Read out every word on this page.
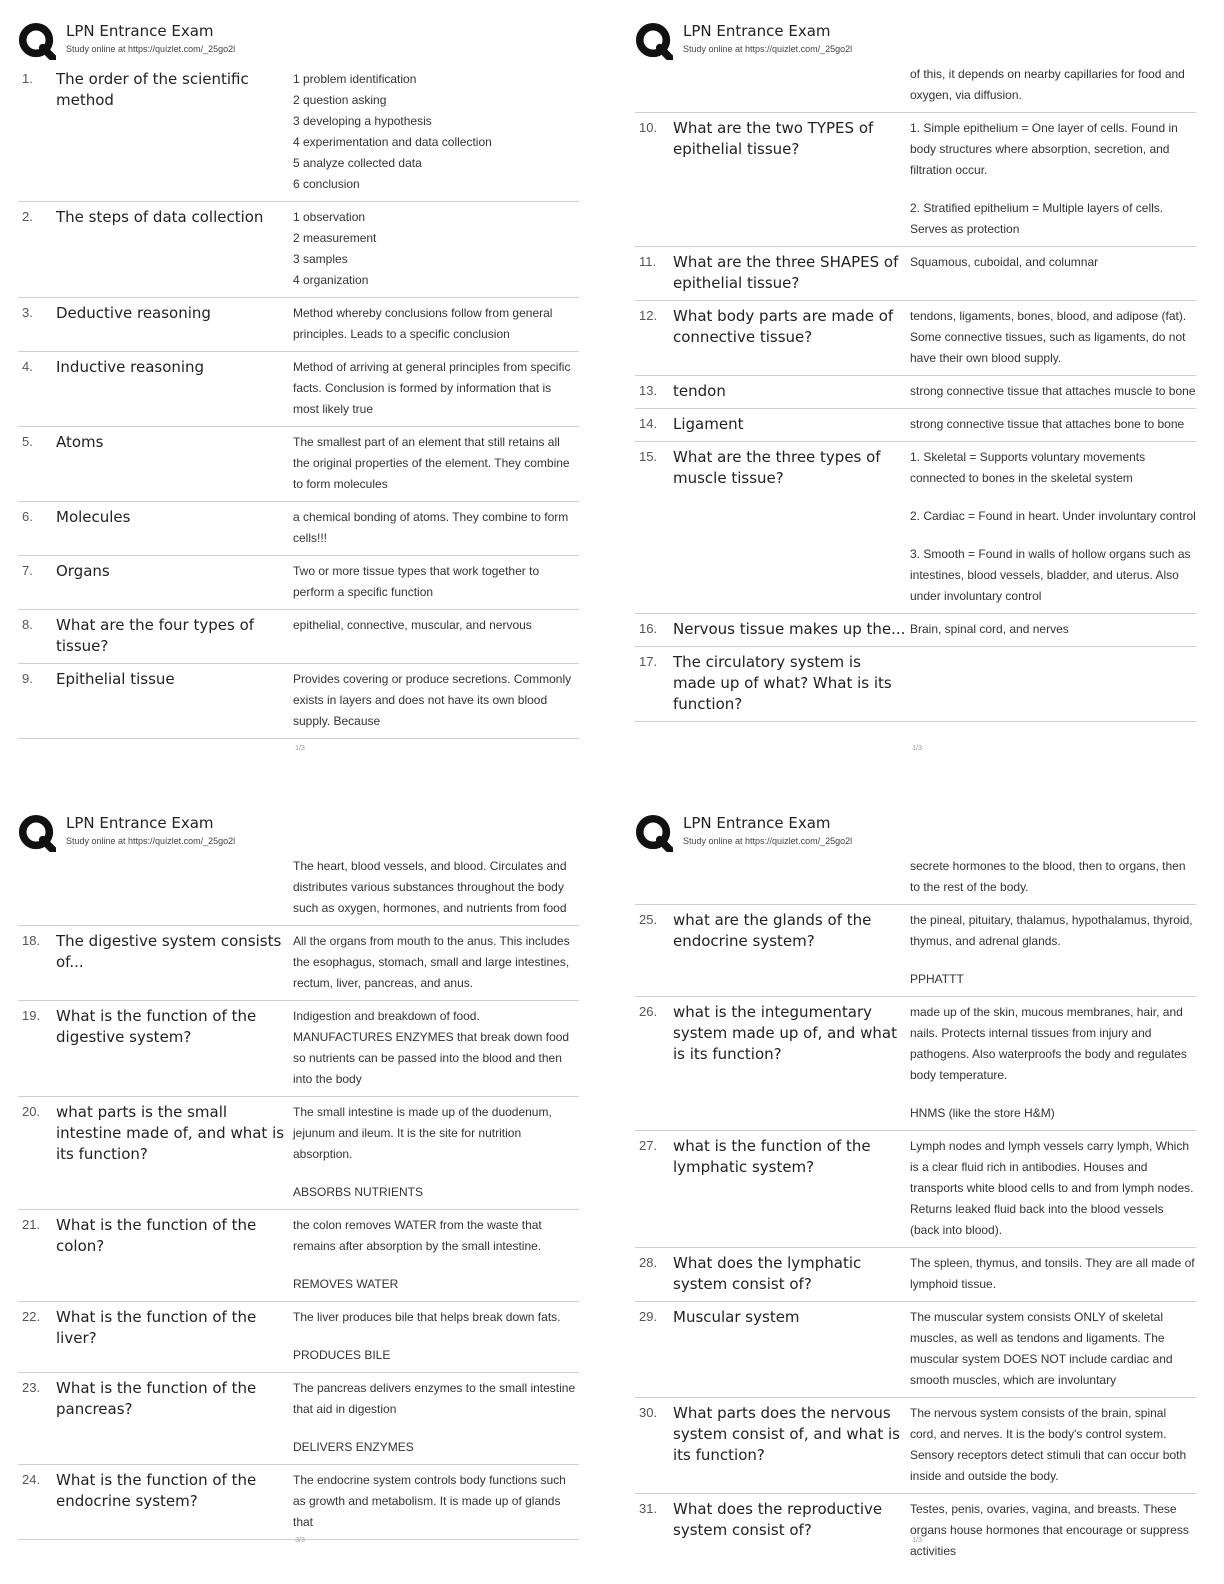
LPN Entrance Exam
Study online at https://quizlet.com/_25go2l
1.	The order of the scientific method
1 problem identification
2 question asking
3 developing a hypothesis
4 experimentation and data collection
5 analyze collected data
6 conclusion
2.	The steps of data collection	1 observation
2 measurement
3 samples
4 organization
3.	Deductive reasoning	Method whereby conclusions follow from general principles. Leads to a specific conclusion
4.	Inductive reasoning	Method of arriving at general principles from specific facts. Conclusion is formed by information that is most likely true
5.	Atoms	The smallest part of an element that still retains all the original properties of the element. They combine to form molecules
6.	Molecules	a chemical bonding of atoms. They combine to form cells!!!
7.	Organs	Two or more tissue types that work together to perform a specific function
8.	What are the four types of tissue?
epithelial, connective, muscular, and nervous
9.	Epithelial tissue	Provides covering or produce secretions. Commonly exists in layers and does not have its own blood supply. Because
1/3
LPN Entrance Exam
Study online at https://quizlet.com/_25go2l
of this, it depends on nearby capillaries for food and oxygen, via diffusion.
10.	What are the two TYPES of epithelial tissue?
1. Simple epithelium = One layer of cells. Found in body structures where absorption, secretion, and filtration occur.
2. Stratified epithelium = Multiple layers of cells. Serves as protection
11.	What are the three SHAPES of epithelial tissue?
Squamous, cuboidal, and columnar
12.	What body parts are made of connective tissue?
tendons, ligaments, bones, blood, and adipose (fat). Some connective tissues, such as ligaments, do not have their own blood supply.
13.	tendon	strong connective tissue that attaches muscle to bone
14.	Ligament	strong connective tissue that attaches bone to bone
15.	What are the three types of muscle tissue?
1. Skeletal = Supports voluntary movements connected to bones in the skeletal system
2. Cardiac = Found in heart. Under involuntary control
3. Smooth = Found in walls of hollow organs such as intestines, blood vessels, bladder, and uterus. Also under involuntary control
16.	Nervous tissue makes up the... Brain, spinal cord, and nerves
17.	The circulatory system is made up of what? What is its function?
1/3
LPN Entrance Exam
Study online at https://quizlet.com/_25go2l
The heart, blood vessels, and blood. Circulates and distributes various substances throughout the body such as oxygen, hormones, and nutrients from food
18.	The digestive system consists of...
All the organs from mouth to the anus. This includes the esophagus, stomach, small and large intestines, rectum, liver, pancreas, and anus.
19.	What is the function of the digestive system?
Indigestion and breakdown of food. MANUFACTURES ENZYMES that break down food so nutrients can be passed into the blood and then into the body
20.	what parts is the small intestine made of, and what is its function?
The small intestine is made up of the duodenum, jejunum and ileum. It is the site for nutrition absorption.
ABSORBS NUTRIENTS
21.	What is the function of the colon?
the colon removes WATER from the waste that remains after absorption by the small intestine.
REMOVES WATER
22.	What is the function of the liver?
The liver produces bile that helps break down fats.
PRODUCES BILE
23.	What is the function of the pancreas?
The pancreas delivers enzymes to the small intestine that aid in digestion
DELIVERS ENZYMES
24.	What is the function of the endocrine system?
The endocrine system controls body functions such as growth and metabolism. It is made up of glands that
3/3
LPN Entrance Exam
Study online at https://quizlet.com/_25go2l
secrete hormones to the blood, then to organs, then to the rest of the body.
25.	what are the glands of the endocrine system?
the pineal, pituitary, thalamus, hypothalamus, thyroid, thymus, and adrenal glands.
PPHATTT
26.	what is the integumentary system made up of, and what is its function?
made up of the skin, mucous membranes, hair, and nails. Protects internal tissues from injury and pathogens. Also waterproofs the body and regulates body temperature.
HNMS (like the store H&M)
27.	what is the function of the lymphatic system?
Lymph nodes and lymph vessels carry lymph, Which is a clear fluid rich in antibodies. Houses and transports white blood cells to and from lymph nodes. Returns leaked fluid back into the blood vessels (back into blood).
28.	What does the lymphatic system consist of?
The spleen, thymus, and tonsils. They are all made of lymphoid tissue.
29.	Muscular system	The muscular system consists ONLY of skeletal muscles, as well as tendons and ligaments. The muscular system DOES NOT include cardiac and smooth muscles, which are involuntary
30.	What parts does the nervous system consist of, and what is its function?
The nervous system consists of the brain, spinal cord, and nerves. It is the body's control system. Sensory receptors detect stimuli that can occur both inside and outside the body.
31.	What does the reproductive system consist of?
Testes, penis, ovaries, vagina, and breasts. These organs house hormones that encourage or suppress activities
1/3
